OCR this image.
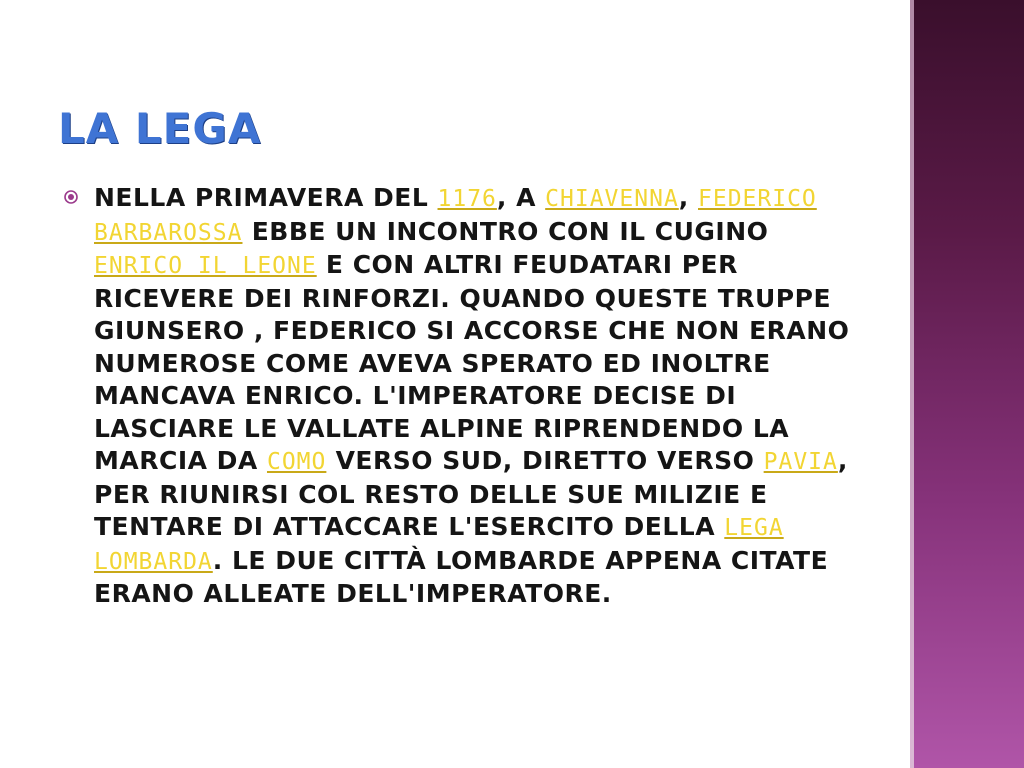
LA LEGA

NELLA PRIMAVERA DEL 1176, A CHIAVENNA, FEDERICO BARBAROSSA EBBE UN INCONTRO CON IL CUGINO ENRICO IL LEONE E CON ALTRI FEUDATARI PER RICEVERE DEI RINFORZI. QUANDO QUESTE TRUPPE GIUNSERO , FEDERICO SI ACCORSE CHE NON ERANO NUMEROSE COME AVEVA SPERATO ED INOLTRE MANCAVA ENRICO. L'IMPERATORE DECISE DI LASCIARE LE VALLATE ALPINE RIPRENDENDO LA MARCIA DA COMO VERSO SUD, DIRETTO VERSO PAVIA, PER RIUNIRSI COL RESTO DELLE SUE MILIZIE E TENTARE DI ATTACCARE L'ESERCITO DELLA LEGA LOMBARDA. LE DUE CITTÀ LOMBARDE APPENA CITATE ERANO ALLEATE DELL'IMPERATORE.
